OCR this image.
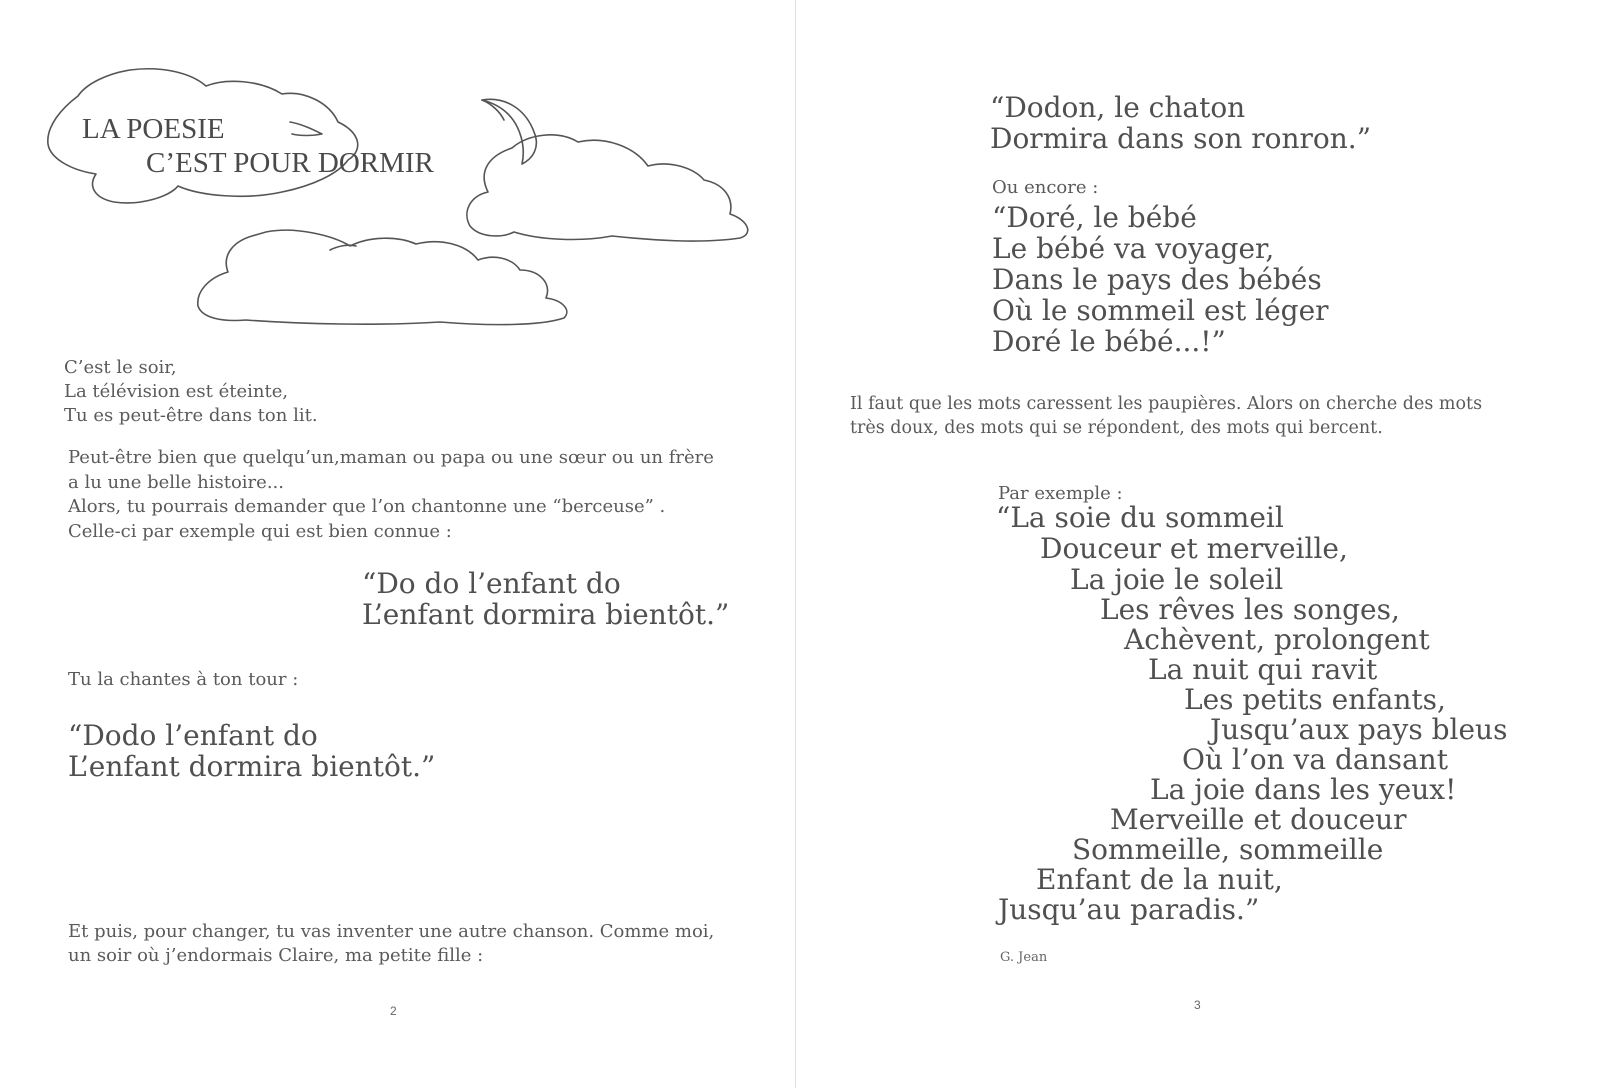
LA POESIE
C’EST POUR DORMIR
C’est le soir,
La télévision est éteinte,
Tu es peut-être dans ton lit.
Peut-être bien que quelqu’un,maman ou papa ou une sœur ou un frère
a lu une belle histoire...
Alors, tu pourrais demander que l’on chantonne une “berceuse” .
Celle-ci par exemple qui est bien connue :
“Do do l’enfant do
L’enfant dormira bientôt.”
Tu la chantes à ton tour :
“Dodo l’enfant do
L’enfant dormira bientôt.”
Et puis, pour changer, tu vas inventer une autre chanson. Comme moi,
un soir où j’endormais Claire, ma petite fille :
2
“Dodon, le chaton
Dormira dans son ronron.”
Ou encore :
“Doré, le bébé
Le bébé va voyager,
Dans le pays des bébés
Où le sommeil est léger
Doré le bébé...!”
Il faut que les mots caressent les paupières. Alors on cherche des mots
très doux, des mots qui se répondent, des mots qui bercent.
Par exemple :
“La soie du sommeil
Douceur et merveille,
La joie le soleil
Les rêves les songes,
Achèvent, prolongent
La nuit qui ravit
Les petits enfants,
Jusqu’aux pays bleus
Où l’on va dansant
La joie dans les yeux!
Merveille et douceur
Sommeille, sommeille
Enfant de la nuit,
Jusqu’au paradis.”
G. Jean
3
